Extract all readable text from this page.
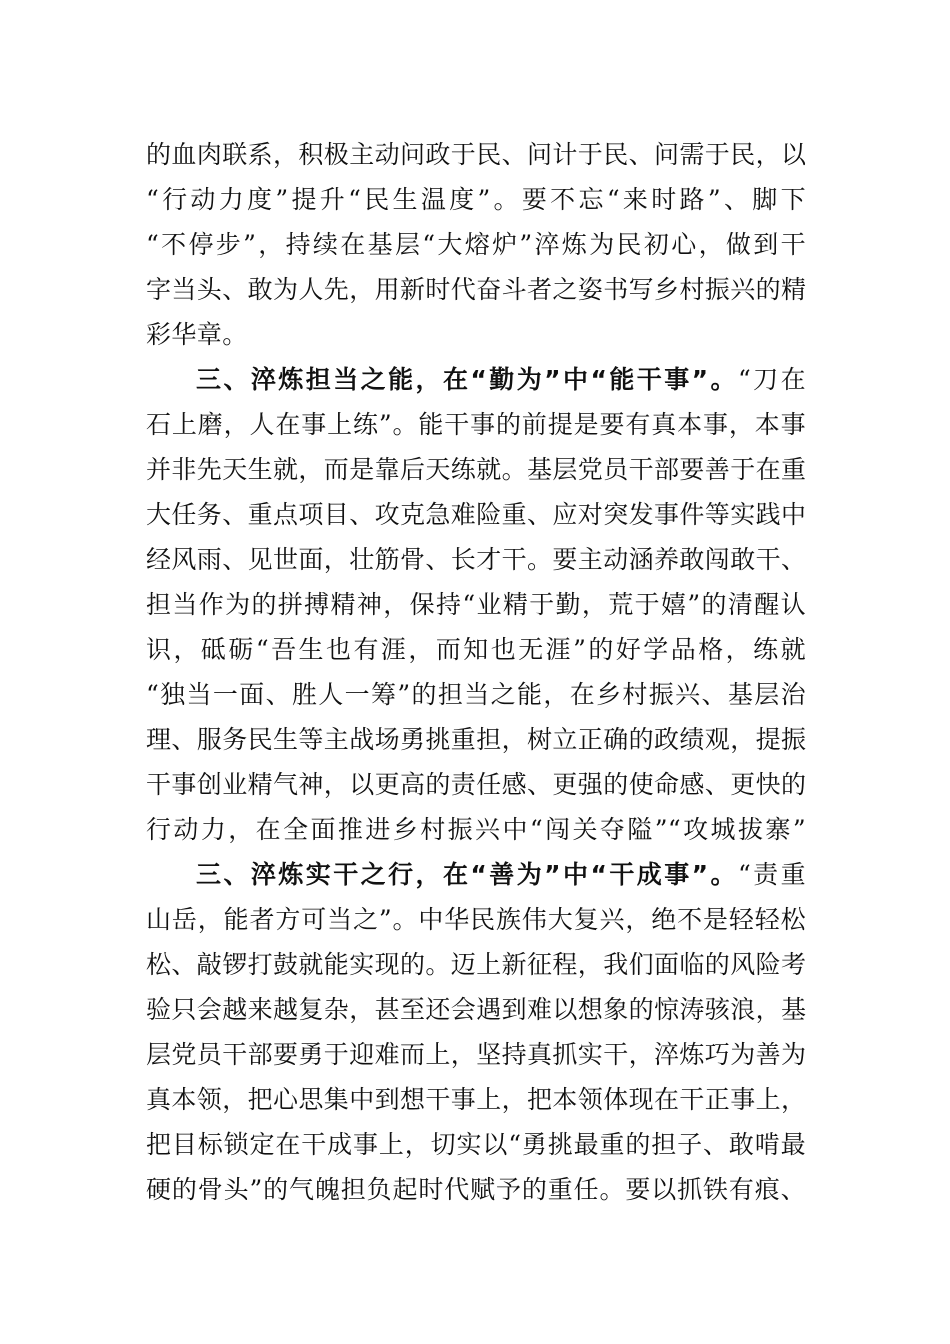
的血肉联系，积极主动问政于民、问计于民、问需于民，以
“行动力度”提升“民生温度”。要不忘“来时路”、脚下
“不停步”，持续在基层“大熔炉”淬炼为民初心，做到干
字当头、敢为人先，用新时代奋斗者之姿书写乡村振兴的精
彩华章。
三、淬炼担当之能，在“勤为”中“能干事”。“刀在
石上磨，人在事上练”。能干事的前提是要有真本事，本事
并非先天生就，而是靠后天练就。基层党员干部要善于在重
大任务、重点项目、攻克急难险重、应对突发事件等实践中
经风雨、见世面，壮筋骨、长才干。要主动涵养敢闯敢干、
担当作为的拼搏精神，保持“业精于勤，荒于嬉”的清醒认
识，砥砺“吾生也有涯，而知也无涯”的好学品格，练就
“独当一面、胜人一筹”的担当之能，在乡村振兴、基层治
理、服务民生等主战场勇挑重担，树立正确的政绩观，提振
干事创业精气神，以更高的责任感、更强的使命感、更快的
行动力，在全面推进乡村振兴中“闯关夺隘”“攻城拔寨”
三、淬炼实干之行，在“善为”中“干成事”。“责重
山岳，能者方可当之”。中华民族伟大复兴，绝不是轻轻松
松、敲锣打鼓就能实现的。迈上新征程，我们面临的风险考
验只会越来越复杂，甚至还会遇到难以想象的惊涛骇浪，基
层党员干部要勇于迎难而上，坚持真抓实干，淬炼巧为善为
真本领，把心思集中到想干事上，把本领体现在干正事上，
把目标锁定在干成事上，切实以“勇挑最重的担子、敢啃最
硬的骨头”的气魄担负起时代赋予的重任。要以抓铁有痕、
